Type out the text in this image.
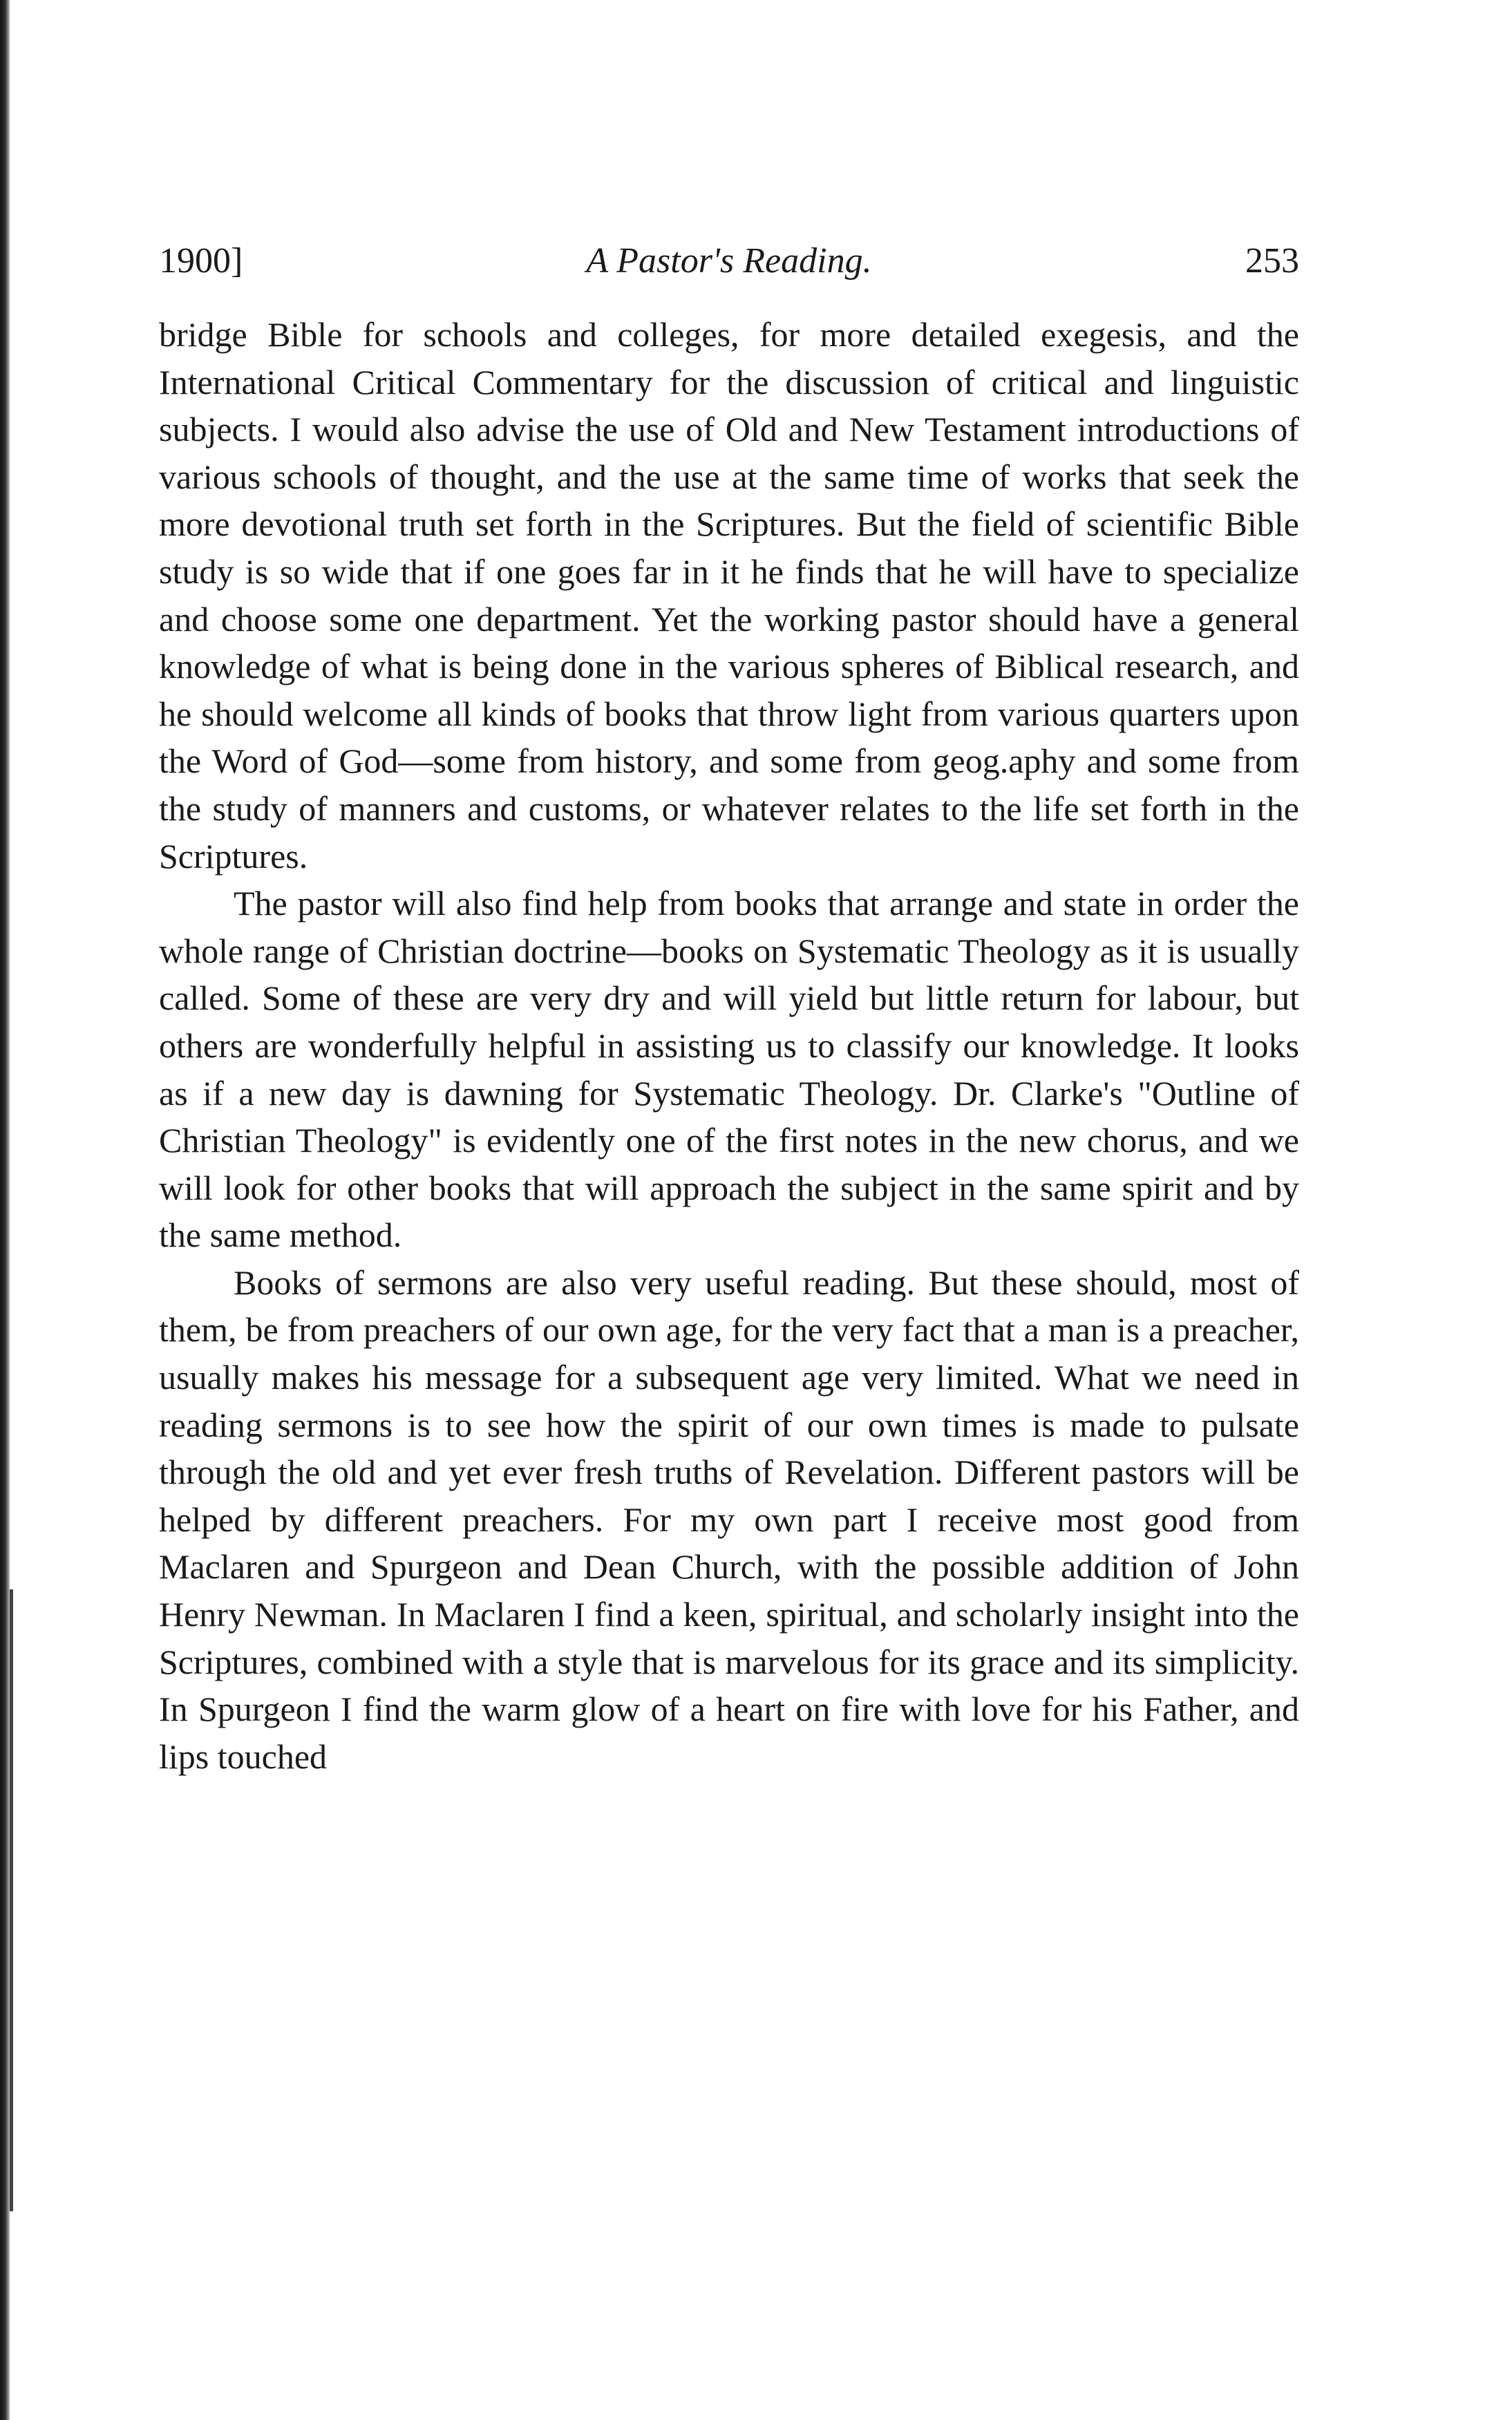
1900]	A Pastor's Reading.	253

bridge Bible for schools and colleges, for more detailed exegesis, and the International Critical Commentary for the discussion of critical and linguistic subjects. I would also advise the use of Old and New Testament introductions of various schools of thought, and the use at the same time of works that seek the more devotional truth set forth in the Scriptures. But the field of scientific Bible study is so wide that if one goes far in it he finds that he will have to specialize and choose some one department. Yet the working pastor should have a general knowledge of what is being done in the various spheres of Biblical research, and he should welcome all kinds of books that throw light from various quarters upon the Word of God—some from history, and some from geog.aphy and some from the study of manners and customs, or whatever relates to the life set forth in the Scriptures.

The pastor will also find help from books that arrange and state in order the whole range of Christian doctrine—books on Systematic Theology as it is usually called. Some of these are very dry and will yield but little return for labour, but others are wonderfully helpful in assisting us to classify our knowledge. It looks as if a new day is dawning for Systematic Theology. Dr. Clarke's "Outline of Christian Theology" is evidently one of the first notes in the new chorus, and we will look for other books that will approach the subject in the same spirit and by the same method.

Books of sermons are also very useful reading. But these should, most of them, be from preachers of our own age, for the very fact that a man is a preacher, usually makes his message for a subsequent age very limited. What we need in reading sermons is to see how the spirit of our own times is made to pulsate through the old and yet ever fresh truths of Revelation. Different pastors will be helped by different preachers. For my own part I receive most good from Maclaren and Spurgeon and Dean Church, with the possible addition of John Henry Newman. In Maclaren I find a keen, spiritual, and scholarly insight into the Scriptures, combined with a style that is marvelous for its grace and its simplicity. In Spurgeon I find the warm glow of a heart on fire with love for his Father, and lips touched
